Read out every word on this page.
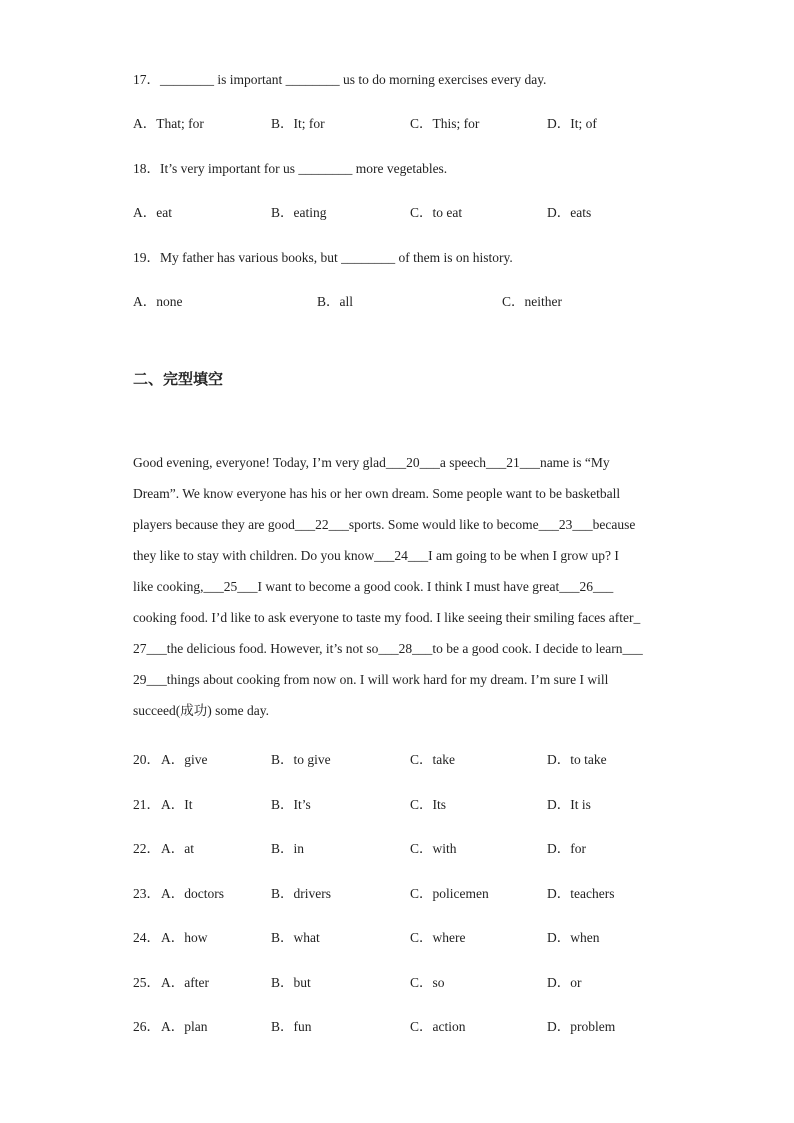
17．________ is important ________ us to do morning exercises every day.
A．That; for	B．It; for	C．This; for	D．It; of
18．It’s very important for us ________ more vegetables.
A．eat	B．eating	C．to eat	D．eats
19．My father has various books, but ________ of them is on history.
A．none	B．all	C．neither
二、完型填空
Good evening, everyone! Today, I’m very glad___20___a speech___21___name is “My
Dream”. We know everyone has his or her own dream. Some people want to be basketball
players because they are good___22___sports. Some would like to become___23___because
they like to stay with children. Do you know___24___I am going to be when I grow up? I
like cooking,___25___I want to become a good cook. I think I must have great___26___
cooking food. I’d like to ask everyone to taste my food. I like seeing their smiling faces after_
27___the delicious food. However, it’s not so___28___to be a good cook. I decide to learn___
29___things about cooking from now on. I will work hard for my dream. I’m sure I will
succeed(成功) some day.
20． A．give	B．to give	C．take	D．to take
21． A．It	B．It’s	C．Its	D．It is
22． A．at	B．in	C．with	D．for
23． A．doctors	B．drivers	C．policemen	D．teachers
24． A．how	B．what	C．where	D．when
25． A．after	B．but	C．so	D．or
26． A．plan	B．fun	C．action	D．problem
